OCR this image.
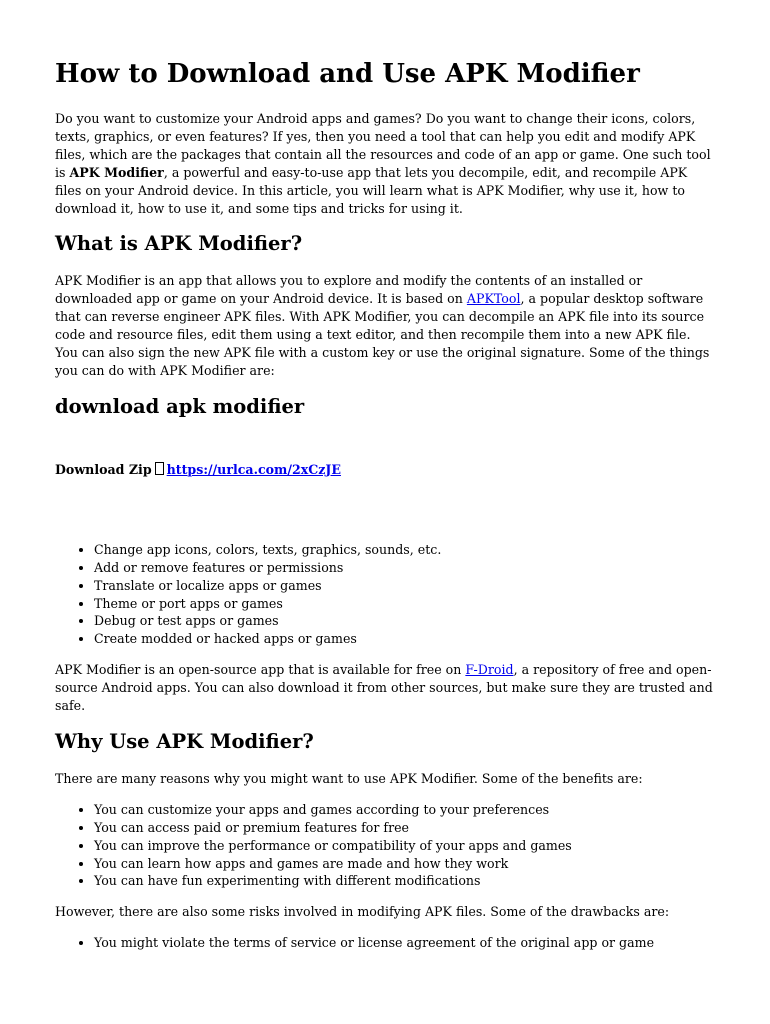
How to Download and Use APK Modifier

Do you want to customize your Android apps and games? Do you want to change their icons, colors, texts, graphics, or even features? If yes, then you need a tool that can help you edit and modify APK files, which are the packages that contain all the resources and code of an app or game. One such tool is APK Modifier, a powerful and easy-to-use app that lets you decompile, edit, and recompile APK files on your Android device. In this article, you will learn what is APK Modifier, why use it, how to download it, how to use it, and some tips and tricks for using it.

What is APK Modifier?

APK Modifier is an app that allows you to explore and modify the contents of an installed or downloaded app or game on your Android device. It is based on APKTool, a popular desktop software that can reverse engineer APK files. With APK Modifier, you can decompile an APK file into its source code and resource files, edit them using a text editor, and then recompile them into a new APK file. You can also sign the new APK file with a custom key or use the original signature. Some of the things you can do with APK Modifier are:

download apk modifier
Download Zip https://urlca.com/2xCzJE
• Change app icons, colors, texts, graphics, sounds, etc.
• Add or remove features or permissions
• Translate or localize apps or games
• Theme or port apps or games
• Debug or test apps or games
• Create modded or hacked apps or games

APK Modifier is an open-source app that is available for free on F-Droid, a repository of free and open-source Android apps. You can also download it from other sources, but make sure they are trusted and safe.

Why Use APK Modifier?

There are many reasons why you might want to use APK Modifier. Some of the benefits are:

• You can customize your apps and games according to your preferences
• You can access paid or premium features for free
• You can improve the performance or compatibility of your apps and games
• You can learn how apps and games are made and how they work
• You can have fun experimenting with different modifications

However, there are also some risks involved in modifying APK files. Some of the drawbacks are:

• You might violate the terms of service or license agreement of the original app or game
